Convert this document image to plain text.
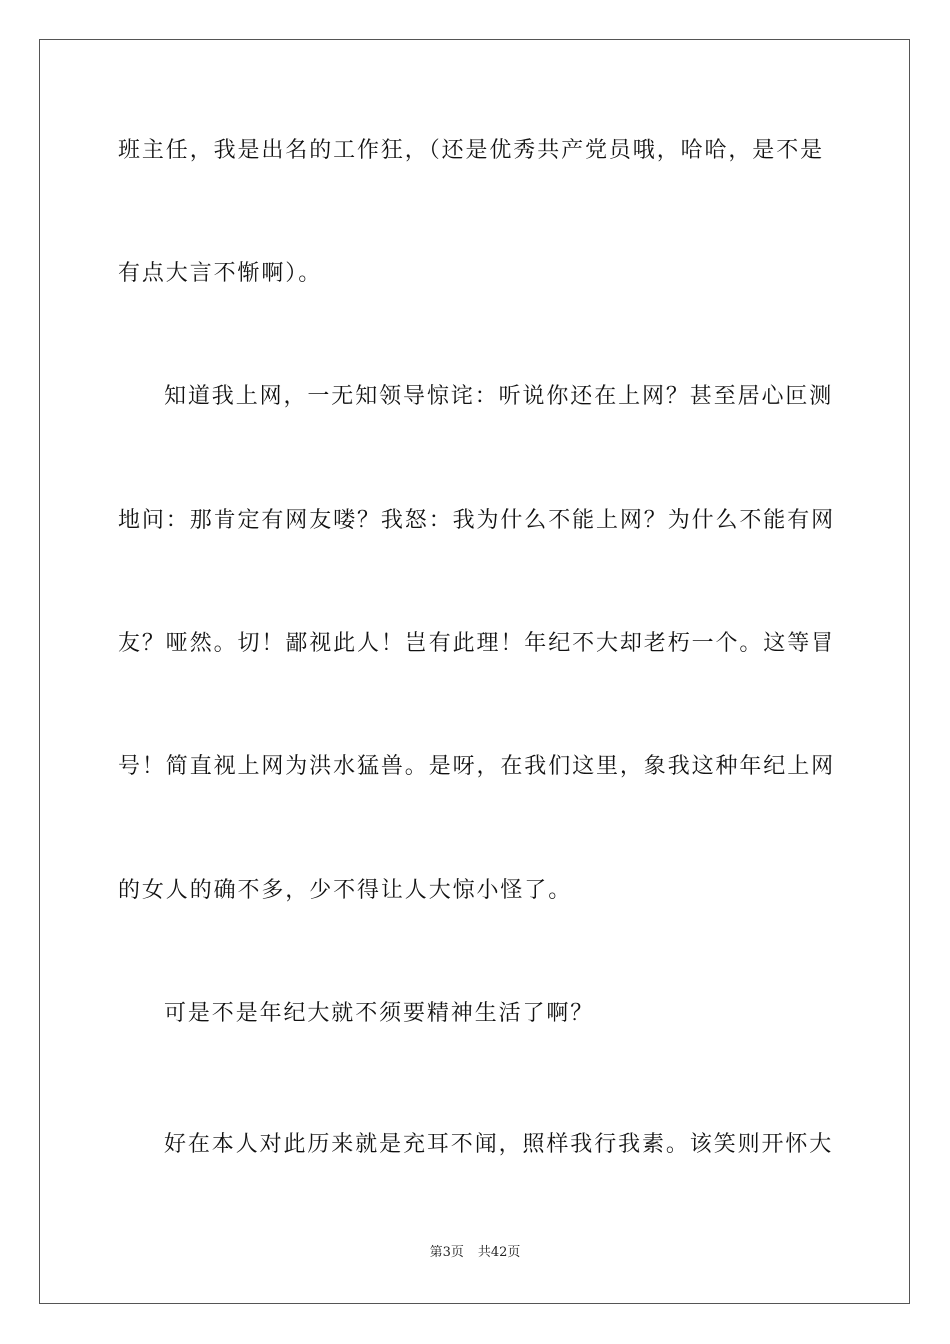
班主任，我是出名的工作狂，（还是优秀共产党员哦，哈哈，是不是
有点大言不惭啊）。
知道我上网，一无知领导惊诧：听说你还在上网？甚至居心叵测
地问：那肯定有网友喽？我怒：我为什么不能上网？为什么不能有网
友？哑然。切！鄙视此人！岂有此理！年纪不大却老朽一个。这等冒
号！简直视上网为洪水猛兽。是呀，在我们这里，象我这种年纪上网
的女人的确不多，少不得让人大惊小怪了。
可是不是年纪大就不须要精神生活了啊？
好在本人对此历来就是充耳不闻，照样我行我素。该笑则开怀大
第3页 共42页
